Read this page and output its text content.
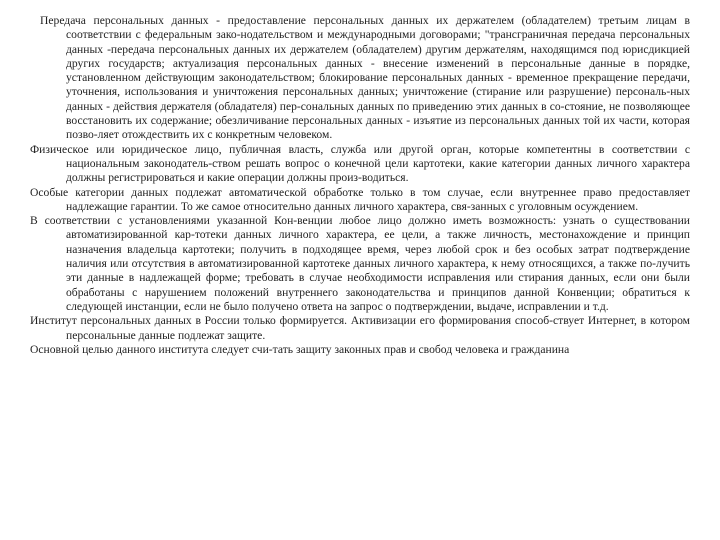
Передача персональных данных - предоставление персональных данных их держателем (обладателем) третьим лицам в соответствии с федеральным зако-нодательством и международными договорами; "трансграничная передача персональных данных -передача персональных данных их держателем (обладателем) другим держателям, находящимся под юрисдикцией других государств; актуализация персональных данных - внесение изменений в персональные данные в порядке, установленном действующим законодательством; блокирование персональных данных - временное прекращение передачи, уточнения, использования и уничтожения персональных данных; уничтожение (стирание или разрушение) персональ-ных данных - действия держателя (обладателя) пер-сональных данных по приведению этих данных в со-стояние, не позволяющее восстановить их содержание; обезличивание персональных данных - изъятие из персональных данных той их части, которая позво-ляет отождествить их с конкретным человеком.

Физическое или юридическое лицо, публичная власть, служба или другой орган, которые компетентны в соответствии с национальным законодатель-ством решать вопрос о конечной цели картотеки, какие категории данных личного характера должны регистрироваться и какие операции должны произ-водиться.

Особые категории данных подлежат автоматической обработке только в том случае, если внутреннее право предоставляет надлежащие гарантии. То же самое относительно данных личного характера, свя-занных с уголовным осуждением.

В соответствии с установлениями указанной Кон-венции любое лицо должно иметь возможность: узнать о существовании автоматизированной кар-тотеки данных личного характера, ее цели, а также личность, местонахождение и принцип назначения владельца картотеки; получить в подходящее время, через любой срок и без особых затрат подтверждение наличия или отсутствия в автоматизированной картотеке данных личного характера, к нему относящихся, а также по-лучить эти данные в надлежащей форме; требовать в случае необходимости исправления или стирания данных, если они были обработаны с нарушением положений внутреннего законодательства и принципов данной Конвенции; обратиться к следующей инстанции, если не было получено ответа на запрос о подтверждении, выдаче, исправлении и т.д.

Институт персональных данных в России только формируется. Активизации его формирования способ-ствует Интернет, в котором персональные данные подлежат защите.

Основной целью данного института следует счи-тать защиту законных прав и свобод человека и гражданина
